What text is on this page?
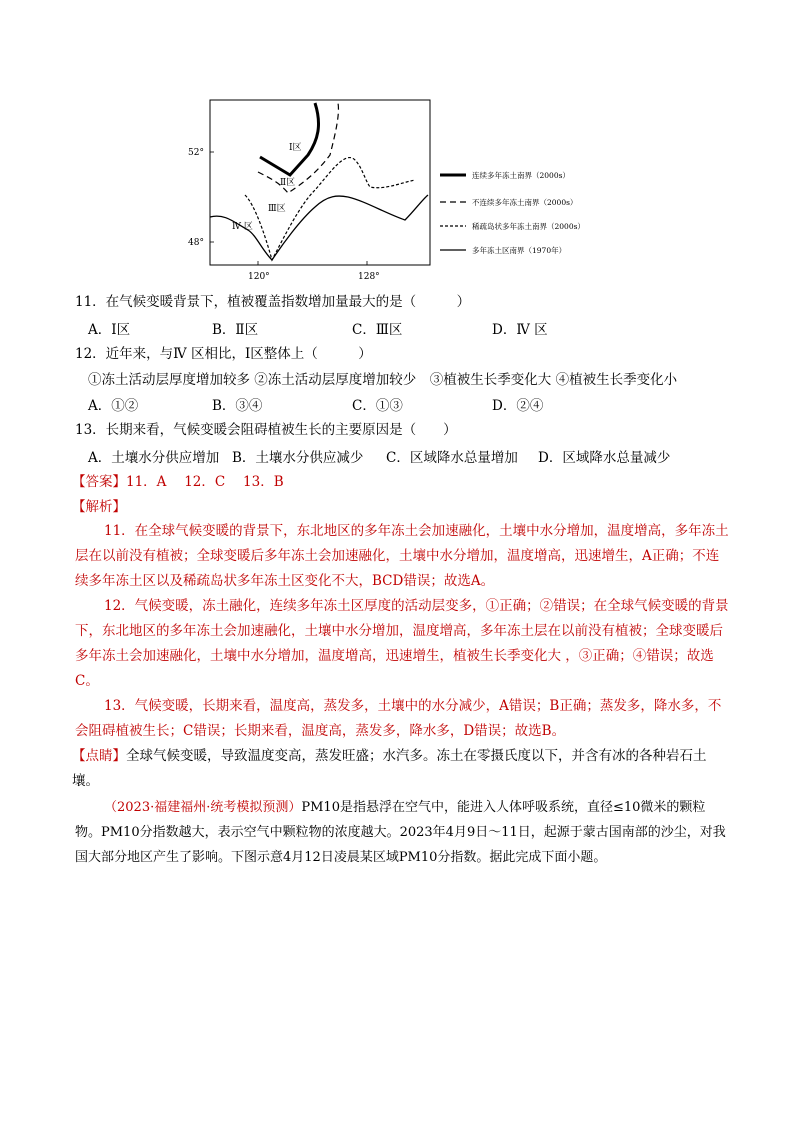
52°
48°
120°	128°
Ⅰ区
Ⅱ区
Ⅲ区
Ⅳ 区
连续多年冻土南界（2000s）
不连续多年冻土南界（2000s）
稀疏岛状多年冻土南界（2000s）
多年冻土区南界（1970年）
11．在气候变暖背景下，植被覆盖指数增加量最大的是（　　　）
A．Ⅰ区	B．Ⅱ区	C．Ⅲ区	D．Ⅳ 区
12．近年来，与Ⅳ 区相比，Ⅰ区整体上（　　　）
①冻土活动层厚度增加较多 ②冻土活动层厚度增加较少　③植被生长季变化大 ④植被生长季变化小
A．①②	B．③④	C．①③	D．②④
13．长期来看，气候变暖会阻碍植被生长的主要原因是（　　）
A．土壤水分供应增加 B．土壤水分供应减少 C．区域降水总量增加 D．区域降水总量减少
【答案】11．A　 12．C　 13．B
【解析】
11．在全球气候变暖的背景下，东北地区的多年冻土会加速融化，土壤中水分增加，温度增高，多年冻土层在以前没有植被；全球变暖后多年冻土会加速融化，土壤中水分增加，温度增高，迅速增生，A正确；不连续多年冻土区以及稀疏岛状多年冻土区变化不大，BCD错误；故选A。
12．气候变暖，冻土融化，连续多年冻土区厚度的活动层变多，①正确；②错误；在全球气候变暖的背景下，东北地区的多年冻土会加速融化，土壤中水分增加，温度增高，多年冻土层在以前没有植被；全球变暖后多年冻土会加速融化，土壤中水分增加，温度增高，迅速增生，植被生长季变化大 ，③正确；④错误；故选C。
13．气候变暖，长期来看，温度高，蒸发多，土壤中的水分减少，A错误；B正确；蒸发多，降水多，不会阻碍植被生长；C错误；长期来看，温度高，蒸发多，降水多，D错误；故选B。
【点睛】全球气候变暖，导致温度变高，蒸发旺盛；水汽多。冻土在零摄氏度以下，并含有冰的各种岩石土壤。
（2023·福建福州·统考模拟预测）PM10是指悬浮在空气中，能进入人体呼吸系统，直径≤10微米的颗粒物。PM10分指数越大，表示空气中颗粒物的浓度越大。2023年4月9日～11日，起源于蒙古国南部的沙尘，对我国大部分地区产生了影响。下图示意4月12日凌晨某区域PM10分指数。据此完成下面小题。
